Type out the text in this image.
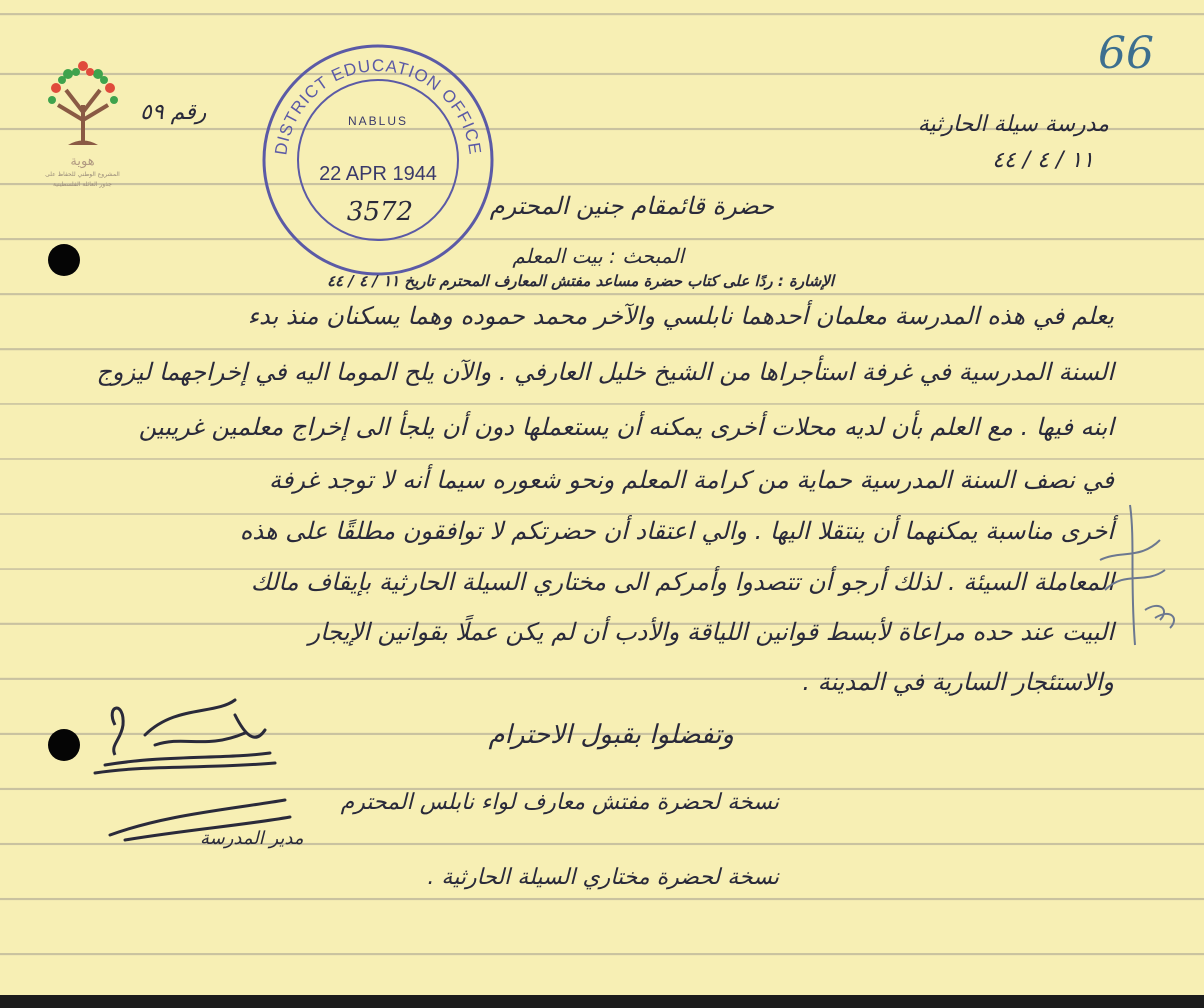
66
هوية
المشروع الوطني للحفاظ على
جذور العائلة الفلسطينية
DISTRICT EDUCATION OFFICE
NABLUS
22 APR 1944
3572
مدرسة سيلة الحارثية
١١ / ٤ / ٤٤
رقم ٥٩
حضرة قائمقام جنين المحترم
المبحث : بيت المعلم
الإشارة : ردًا على كتاب حضرة مساعد مفتش المعارف المحترم تاريخ ١١ / ٤ / ٤٤
يعلم في هذه المدرسة معلمان أحدهما نابلسي والآخر محمد حموده وهما يسكنان منذ بدء
السنة المدرسية في غرفة استأجراها من الشيخ خليل العارفي . والآن يلح الموما اليه في إخراجهما ليزوج
ابنه فيها . مع العلم بأن لديه محلات أخرى يمكنه أن يستعملها دون أن يلجأ الى إخراج معلمين غريبين
في نصف السنة المدرسية حماية من كرامة المعلم ونحو شعوره سيما أنه لا توجد غرفة
أخرى مناسبة يمكنهما أن ينتقلا اليها . والي اعتقاد أن حضرتكم لا توافقون مطلقًا على هذه
المعاملة السيئة . لذلك أرجو أن تتصدوا وأمركم الى مختاري السيلة الحارثية بإيقاف مالك
البيت عند حده مراعاة لأبسط قوانين اللياقة والأدب أن لم يكن عملًا بقوانين الإيجار
والاستئجار السارية في المدينة .
وتفضلوا بقبول الاحترام
مدير المدرسة
نسخة لحضرة مفتش معارف لواء نابلس المحترم
نسخة لحضرة مختاري السيلة الحارثية .
